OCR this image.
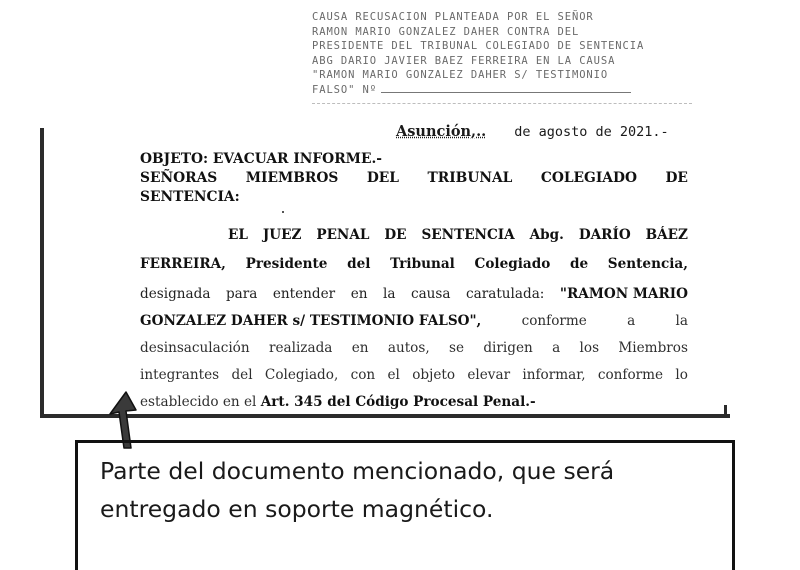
CAUSA RECUSACION PLANTEADA POR EL SEÑOR
RAMON MARIO GONZALEZ DAHER CONTRA DEL
PRESIDENTE DEL TRIBUNAL COLEGIADO DE SENTENCIA
ABG DARIO JAVIER BAEZ FERREIRA EN LA CAUSA
"RAMON MARIO GONZALEZ DAHER S/ TESTIMONIO
FALSO" Nº
Asunción,.. de agosto de 2021.-
OBJETO: EVACUAR INFORME.-
SEÑORAS MIEMBROS DEL TRIBUNAL COLEGIADO DE
SENTENCIA:
EL JUEZ PENAL DE SENTENCIA Abg. DARÍO BÁEZ
FERREIRA, Presidente del Tribunal Colegiado de Sentencia,
designada para entender en la causa caratulada: "RAMON MARIO
GONZALEZ DAHER s/ TESTIMONIO FALSO",	conforme	a	la
desinsaculación realizada en autos, se dirigen a los Miembros
integrantes del Colegiado, con el objeto elevar informar, conforme lo
establecido en el
Art. 345 del Código Procesal Penal.-
Parte del documento mencionado, que será
entregado en soporte magnético.
